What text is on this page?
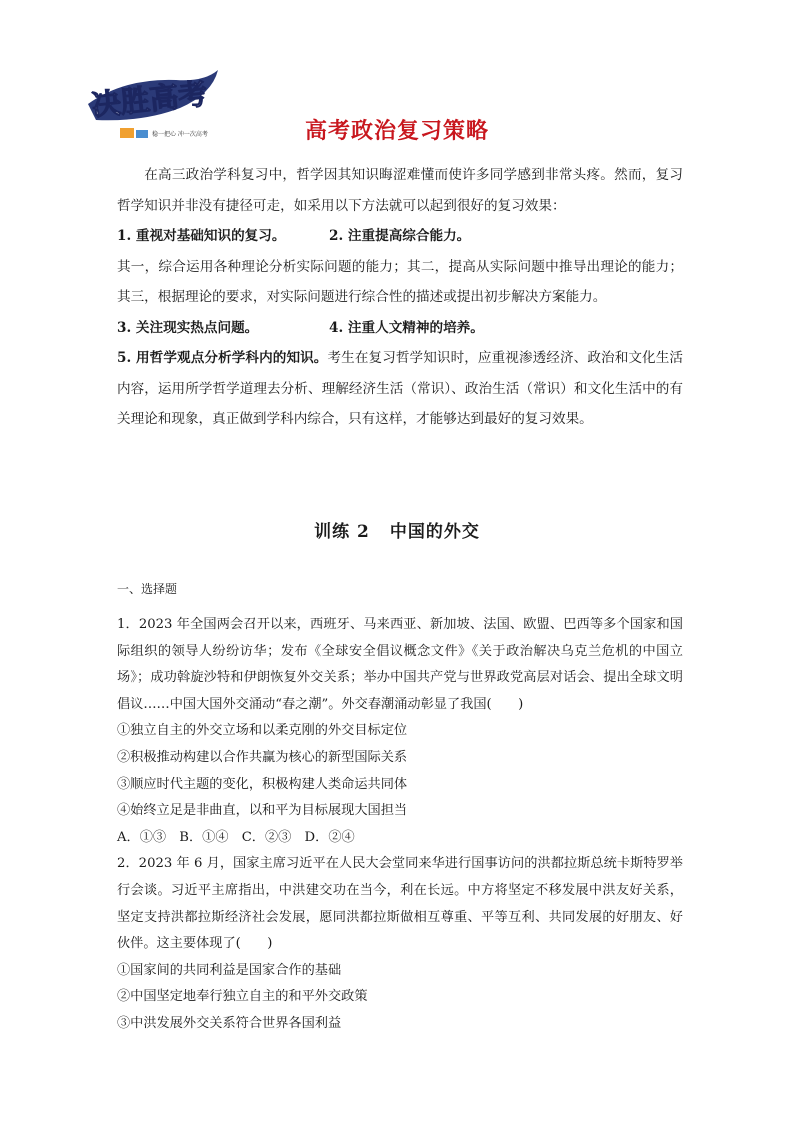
决胜高考
稳一把心 冲一次高考	高考政治复习策略

在高三政治学科复习中，哲学因其知识晦涩难懂而使许多同学感到非常头疼。然而，复习哲学知识并非没有捷径可走，如采用以下方法就可以起到很好的复习效果：

1. 重视对基础知识的复习。	2. 注重提高综合能力。

其一，综合运用各种理论分析实际问题的能力；其二，提高从实际问题中推导出理论的能力；其三，根据理论的要求，对实际问题进行综合性的描述或提出初步解决方案能力。

3. 关注现实热点问题。	4. 注重人文精神的培养。

5. 用哲学观点分析学科内的知识。考生在复习哲学知识时，应重视渗透经济、政治和文化生活内容，运用所学哲学道理去分析、理解经济生活（常识）、政治生活（常识）和文化生活中的有关理论和现象，真正做到学科内综合，只有这样，才能够达到最好的复习效果。

训练 2 中国的外交

一、选择题

1．2023 年全国两会召开以来，西班牙、马来西亚、新加坡、法国、欧盟、巴西等多个国家和国际组织的领导人纷纷访华；发布《全球安全倡议概念文件》《关于政治解决乌克兰危机的中国立场》；成功斡旋沙特和伊朗恢复外交关系；举办中国共产党与世界政党高层对话会、提出全球文明倡议……中国大国外交涌动“春之潮”。外交春潮涌动彰显了我国(　　)

①独立自主的外交立场和以柔克刚的外交目标定位

②积极推动构建以合作共赢为核心的新型国际关系

③顺应时代主题的变化，积极构建人类命运共同体

④始终立足是非曲直，以和平为目标展现大国担当

A．①③　B．①④　C．②③　D．②④

2．2023 年 6 月，国家主席习近平在人民大会堂同来华进行国事访问的洪都拉斯总统卡斯特罗举行会谈。习近平主席指出，中洪建交功在当今，利在长远。中方将坚定不移发展中洪友好关系，坚定支持洪都拉斯经济社会发展，愿同洪都拉斯做相互尊重、平等互利、共同发展的好朋友、好伙伴。这主要体现了(　　)

①国家间的共同利益是国家合作的基础

②中国坚定地奉行独立自主的和平外交政策

③中洪发展外交关系符合世界各国利益
